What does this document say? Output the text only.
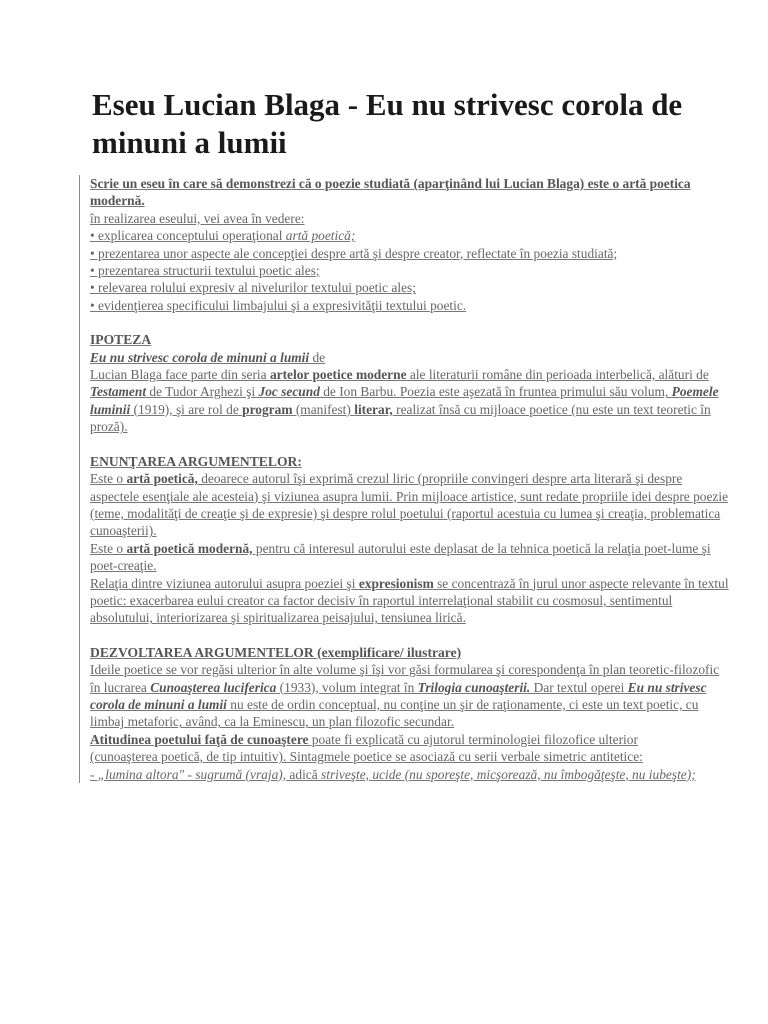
Eseu Lucian Blaga - Eu nu strivesc corola de minuni a lumii

Scrie un eseu în care să demonstrezi că o poezie studiată (aparţinând lui Lucian Blaga) este o artă poetica modernă.

în realizarea eseului, vei avea în vedere:

• explicarea conceptului operaţional artă poetică;

• prezentarea unor aspecte ale concepţiei despre artă şi despre creator, reflectate în poezia studiată;

• prezentarea structurii textului poetic ales;

• relevarea rolului expresiv al nivelurilor textului poetic ales;

• evidenţierea specificului limbajului şi a expresivităţii textului poetic.

IPOTEZA

Eu nu strivesc corola de minuni a lumii de
Lucian Blaga face parte din seria artelor poetice moderne ale literaturii române din perioada interbelică, alături de Testament de Tudor Arghezi şi Joc secund de Ion Barbu. Poezia este aşezată în fruntea primului său volum, Poemele luminii (1919), şi are rol de program (manifest) literar, realizat însă cu mijloace poetice (nu este un text teoretic în proză).

ENUNŢAREA ARGUMENTELOR:

Este o artă poetică, deoarece autorul îşi exprimă crezul liric (propriile convingeri despre arta literară şi despre aspectele esenţiale ale acesteia) şi viziunea asupra lumii. Prin mijloace artistice, sunt redate propriile idei despre poezie (teme, modalităţi de creaţie şi de expresie) şi despre rolul poetului (raportul acestuia cu lumea şi creaţia, problematica cunoaşterii).

Este o artă poetică modernă, pentru că interesul autorului este deplasat de la tehnica poetică la relaţia poet-lume şi poet-creaţie.

Relaţia dintre viziunea autorului asupra poeziei şi expresionism se concentrază în jurul unor aspecte relevante în textul poetic: exacerbarea eului creator ca factor decisiv în raportul interrelaţional stabilit cu cosmosul, sentimentul absolutului, interiorizarea şi spiritualizarea peisajului, tensiunea lirică.

DEZVOLTAREA ARGUMENTELOR (exemplificare/ ilustrare)

Ideile poetice se vor regăsi ulterior în alte volume şi îşi vor găsi formularea şi corespondenţa în plan teoretic-filozofic în lucrarea Cunoaşterea luciferica (1933), volum integrat în Trilogia cunoaşterii. Dar textul operei Eu nu strivesc corola de minuni a lumii nu este de ordin conceptual, nu conţine un şir de raţionamente, ci este un text poetic, cu limbaj metaforic, având, ca la Eminescu, un plan filozofic secundar.

Atitudinea poetului faţă de cunoaştere poate fi explicată cu ajutorul terminologiei filozofice ulterior

(cunoaşterea poetică, de tip intuitiv). Sintagmele poetice se asociază cu serii verbale simetric antitetice:

- „lumina altora" - sugrumă (vraja), adică striveşte, ucide (nu sporeşte, micşorează, nu îmbogăţeşte, nu iubeşte);
